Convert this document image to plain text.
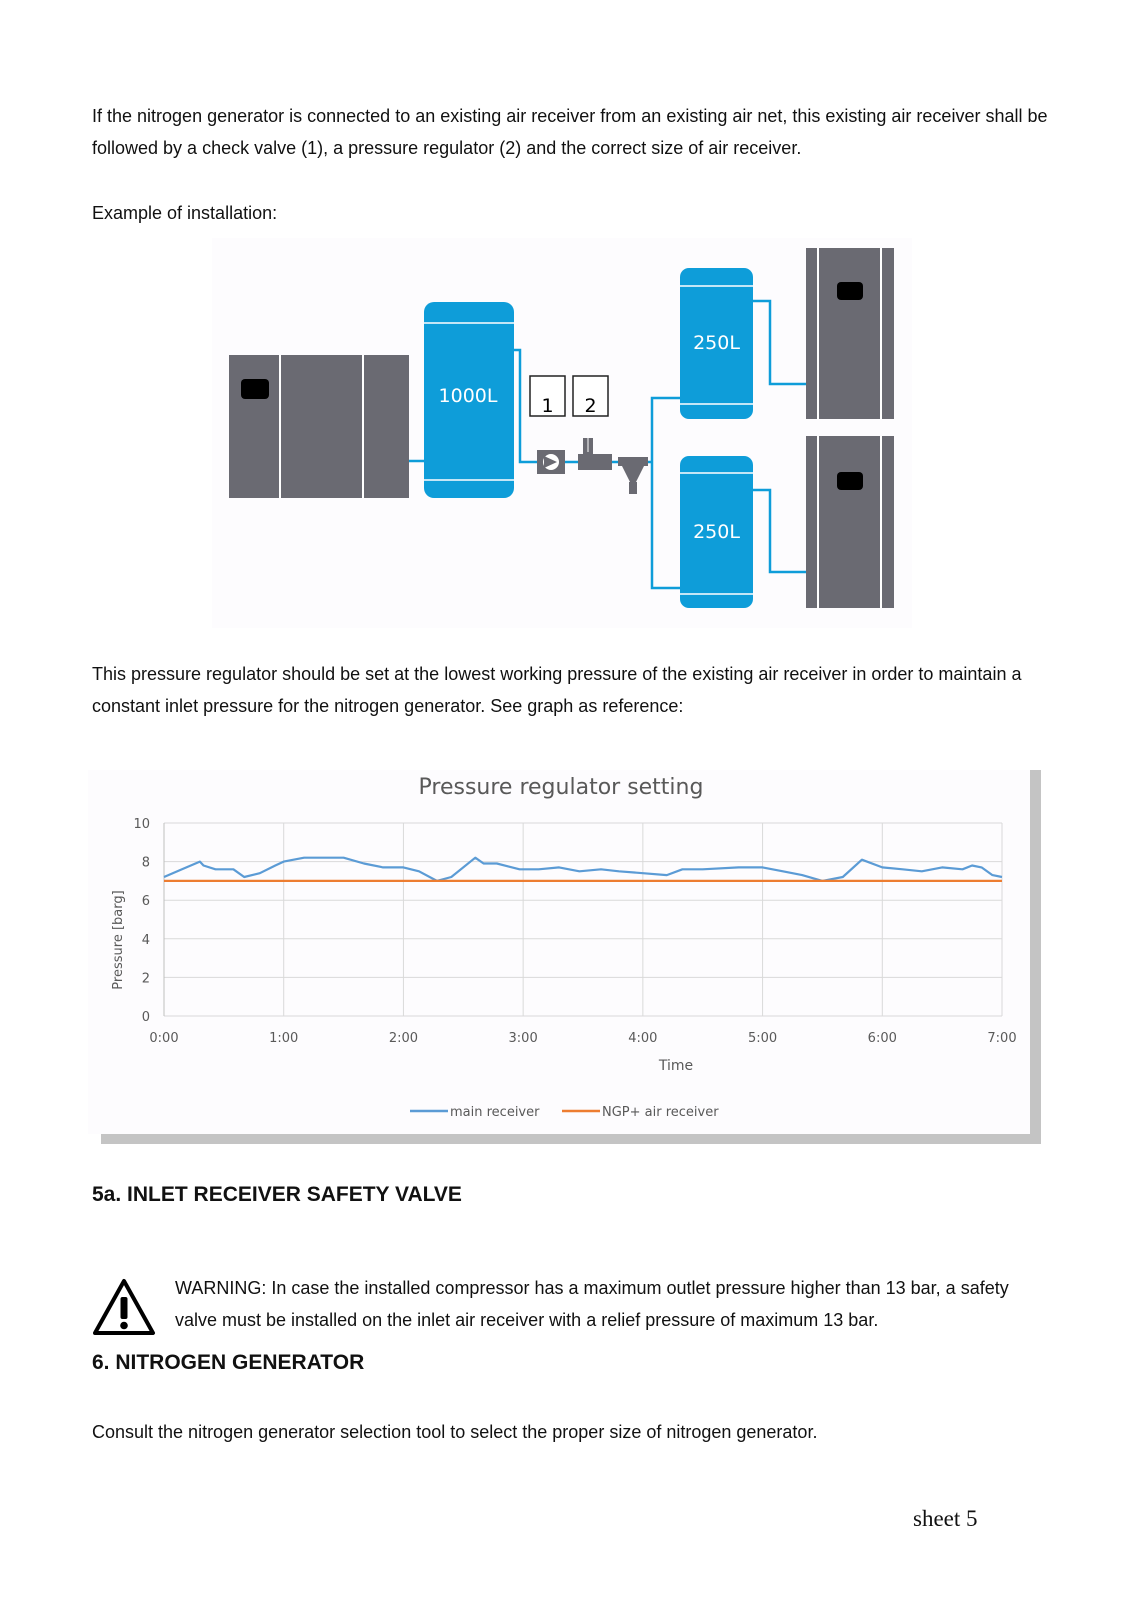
If the nitrogen generator is connected to an existing air receiver from an existing air net, this existing air receiver shall be followed by a check valve (1), a pressure regulator (2) and the correct size of air receiver.

Example of installation:

1000L 1 2
250L
250L

This pressure regulator should be set at the lowest working pressure of the existing air receiver in order to maintain a constant inlet pressure for the nitrogen generator. See graph as reference:

Pressure regulator setting
0
2
4
6
8
10
0:00	1:00	2:00	3:00	4:00	5:00	6:00	7:00
Time
Pressure [barg]
main receiver	NGP+ air receiver
5a. INLET RECEIVER SAFETY VALVE

WARNING: In case the installed compressor has a maximum outlet pressure higher than 13 bar, a safety valve must be installed on the inlet air receiver with a relief pressure of maximum 13 bar.

6. NITROGEN GENERATOR

Consult the nitrogen generator selection tool to select the proper size of nitrogen generator.

sheet 5
